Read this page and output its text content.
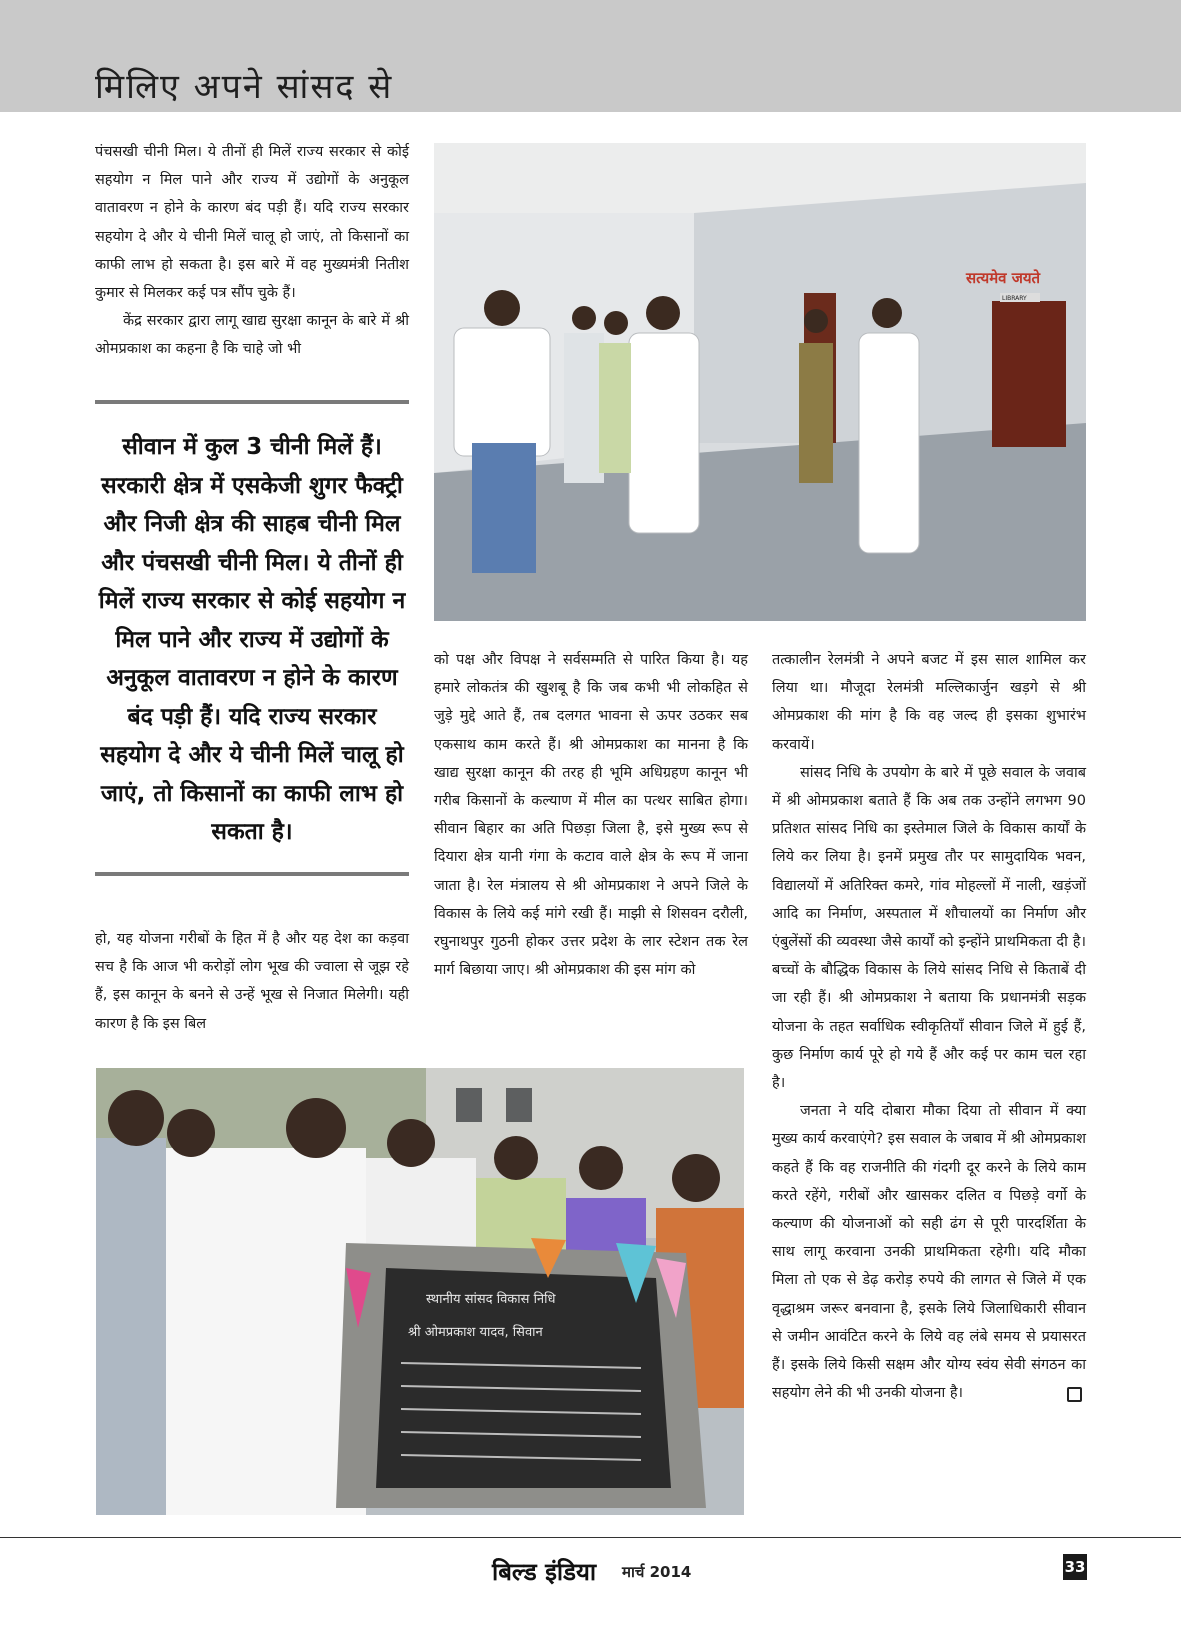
मिलिए अपने सांसद से

पंचसखी चीनी मिल। ये तीनों ही मिलें राज्य सरकार से कोई सहयोग न मिल पाने और राज्य में उद्योगों के अनुकूल वातावरण न होने के कारण बंद पड़ी हैं। यदि राज्य सरकार सहयोग दे और ये चीनी मिलें चालू हो जाएं, तो किसानों का काफी लाभ हो सकता है। इस बारे में वह मुख्यमंत्री नितीश कुमार से मिलकर कई पत्र सौंप चुके हैं।

केंद्र सरकार द्वारा लागू खाद्य सुरक्षा कानून के बारे में श्री ओमप्रकाश का कहना है कि चाहे जो भी

सीवान में कुल 3 चीनी मिलें हैं। सरकारी क्षेत्र में एसकेजी शुगर फैक्ट्री और निजी क्षेत्र की साहब चीनी मिल और पंचसखी चीनी मिल। ये तीनों ही मिलें राज्य सरकार से कोई सहयोग न मिल पाने और राज्य में उद्योगों के अनुकूल वातावरण न होने के कारण बंद पड़ी हैं। यदि राज्य सरकार सहयोग दे और ये चीनी मिलें चालू हो जाएं, तो किसानों का काफी लाभ हो सकता है।

हो, यह योजना गरीबों के हित में है और यह देश का कड़वा सच है कि आज भी करोड़ों लोग भूख की ज्वाला से जूझ रहे हैं, इस कानून के बनने से उन्हें भूख से निजात मिलेगी। यही कारण है कि इस बिल

सत्यमेव जयते
LIBRARY

को पक्ष और विपक्ष ने सर्वसम्मति से पारित किया है। यह हमारे लोकतंत्र की खुशबू है कि जब कभी भी लोकहित से जुड़े मुद्दे आते हैं, तब दलगत भावना से ऊपर उठकर सब एकसाथ काम करते हैं। श्री ओमप्रकाश का मानना है कि खाद्य सुरक्षा कानून की तरह ही भूमि अधिग्रहण कानून भी गरीब किसानों के कल्याण में मील का पत्थर साबित होगा। सीवान बिहार का अति पिछड़ा जिला है, इसे मुख्य रूप से दियारा क्षेत्र यानी गंगा के कटाव वाले क्षेत्र के रूप में जाना जाता है। रेल मंत्रालय से श्री ओमप्रकाश ने अपने जिले के विकास के लिये कई मांगे रखी हैं। माझी से शिसवन दरौली, रघुनाथपुर गुठनी होकर उत्तर प्रदेश के लार स्टेशन तक रेल मार्ग बिछाया जाए। श्री ओमप्रकाश की इस मांग को

तत्कालीन रेलमंत्री ने अपने बजट में इस साल शामिल कर लिया था। मौजूदा रेलमंत्री मल्लिकार्जुन खड़गे से श्री ओमप्रकाश की मांग है कि वह जल्द ही इसका शुभारंभ करवायें।

सांसद निधि के उपयोग के बारे में पूछे सवाल के जवाब में श्री ओमप्रकाश बताते हैं कि अब तक उन्होंने लगभग 90 प्रतिशत सांसद निधि का इस्तेमाल जिले के विकास कार्यों के लिये कर लिया है। इनमें प्रमुख तौर पर सामुदायिक भवन, विद्यालयों में अतिरिक्त कमरे, गांव मोहल्लों में नाली, खड़ंजों आदि का निर्माण, अस्पताल में शौचालयों का निर्माण और एंबुलेंसों की व्यवस्था जैसे कार्यों को इन्होंने प्राथमिकता दी है। बच्चों के बौद्धिक विकास के लिये सांसद निधि से किताबें दी जा रही हैं। श्री ओमप्रकाश ने बताया कि प्रधानमंत्री सड़क योजना के तहत सर्वाधिक स्वीकृतियाँ सीवान जिले में हुई हैं, कुछ निर्माण कार्य पूरे हो गये हैं और कई पर काम चल रहा है।

जनता ने यदि दोबारा मौका दिया तो सीवान में क्या मुख्य कार्य करवाएंगे? इस सवाल के जबाव में श्री ओमप्रकाश कहते हैं कि वह राजनीति की गंदगी दूर करने के लिये काम करते रहेंगे, गरीबों और खासकर दलित व पिछड़े वर्गो के कल्याण की योजनाओं को सही ढंग से पूरी पारदर्शिता के साथ लागू करवाना उनकी प्राथमिकता रहेगी। यदि मौका मिला तो एक से डेढ़ करोड़ रुपये की लागत से जिले में एक वृद्धाश्रम जरूर बनवाना है, इसके लिये जिलाधिकारी सीवान से जमीन आवंटित करने के लिये वह लंबे समय से प्रयासरत हैं। इसके लिये किसी सक्षम और योग्य स्वंय सेवी संगठन का सहयोग लेने की भी उनकी योजना है।

स्थानीय सांसद विकास निधि
श्री ओमप्रकाश यादव, सिवान
बिल्ड इंडिया मार्च 2014	33
